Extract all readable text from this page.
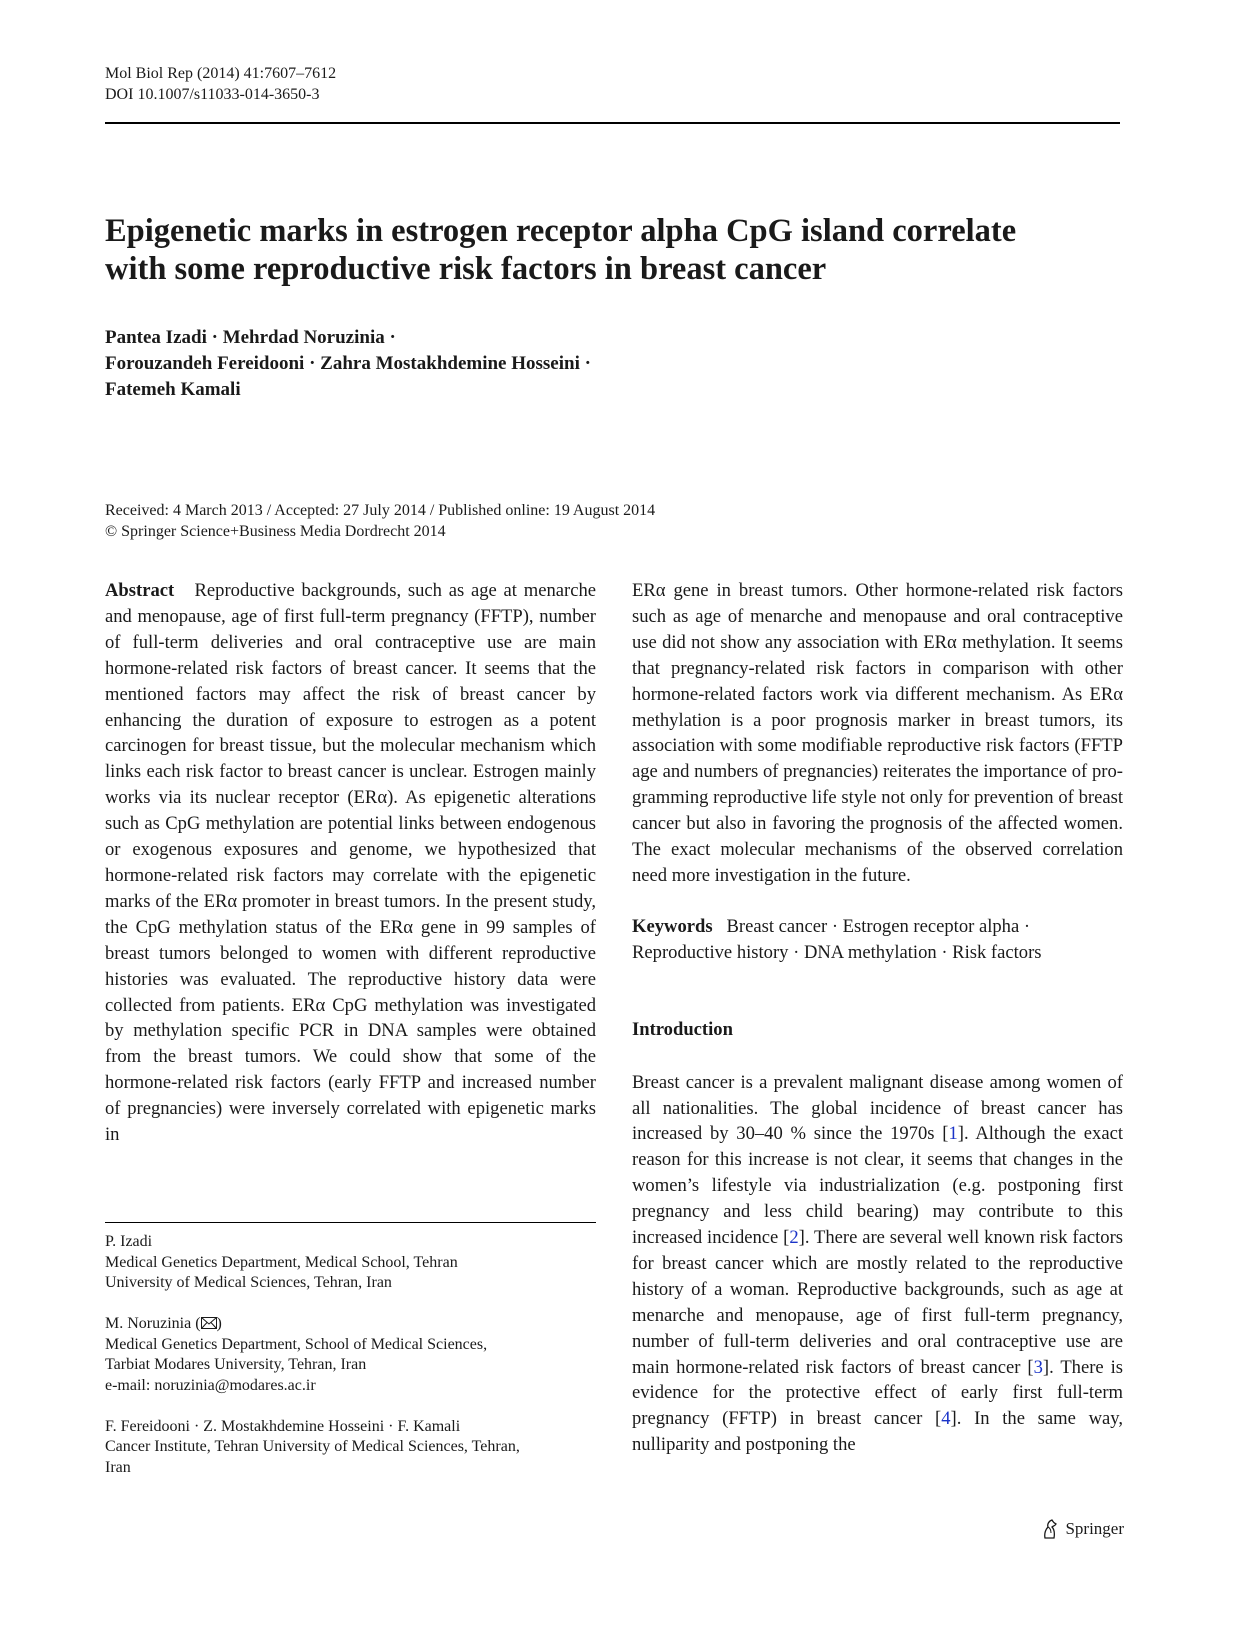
Mol Biol Rep (2014) 41:7607–7612
DOI 10.1007/s11033-014-3650-3
Epigenetic marks in estrogen receptor alpha CpG island correlate
with some reproductive risk factors in breast cancer
Pantea Izadi · Mehrdad Noruzinia ·
Forouzandeh Fereidooni · Zahra Mostakhdemine Hosseini ·
Fatemeh Kamali
Received: 4 March 2013 / Accepted: 27 July 2014 / Published online: 19 August 2014
© Springer Science+Business Media Dordrecht 2014

Abstract Reproductive backgrounds, such as age at menarche and menopause, age of first full-term pregnancy (FFTP), number of full-term deliveries and oral contraceptive use are main hormone-related risk factors of breast cancer. It seems that the mentioned factors may affect the risk of breast cancer by enhancing the duration of exposure to estrogen as a potent carcinogen for breast tissue, but the molecular mechanism which links each risk factor to breast cancer is unclear. Estrogen mainly works via its nuclear receptor (ERα). As epigenetic alterations such as CpG methylation are potential links between endogenous or exogenous exposures and genome, we hypothesized that hormone-related risk factors may correlate with the epigenetic marks of the ERα promoter in breast tumors. In the present study, the CpG methylation status of the ERα gene in 99 samples of breast tumors belonged to women with different reproductive histories was evaluated. The reproductive history data were collected from patients. ERα CpG methylation was investigated by methylation specific PCR in DNA samples were obtained from the breast tumors. We could show that some of the hormone-related risk factors (early FFTP and increased number of pregnancies) were inversely correlated with epigenetic marks in

ERα gene in breast tumors. Other hormone-related risk factors such as age of menarche and menopause and oral contraceptive use did not show any association with ERα methylation. It seems that pregnancy-related risk factors in comparison with other hormone-related factors work via different mechanism. As ERα methylation is a poor prognosis marker in breast tumors, its association with some modifiable reproductive risk factors (FFTP age and numbers of pregnancies) reiterates the importance of programming reproductive life style not only for prevention of breast cancer but also in favoring the prognosis of the affected women. The exact molecular mechanisms of the observed correlation need more investigation in the future.

Keywords Breast cancer · Estrogen receptor alpha · Reproductive history · DNA methylation · Risk factors

Introduction

Breast cancer is a prevalent malignant disease among women of all nationalities. The global incidence of breast cancer has increased by 30–40 % since the 1970s [1]. Although the exact reason for this increase is not clear, it seems that changes in the women’s lifestyle via industrialization (e.g. postponing first pregnancy and less child bearing) may contribute to this increased incidence [2]. There are several well known risk factors for breast cancer which are mostly related to the reproductive history of a woman. Reproductive backgrounds, such as age at menarche and menopause, age of first full-term pregnancy, number of full-term deliveries and oral contraceptive use are main hormone-related risk factors of breast cancer [3]. There is evidence for the protective effect of early first full-term pregnancy (FFTP) in breast cancer [4]. In the same way, nulliparity and postponing the

P. Izadi
Medical Genetics Department, Medical School, Tehran
University of Medical Sciences, Tehran, Iran
M. Noruzinia ( )
Medical Genetics Department, School of Medical Sciences,
Tarbiat Modares University, Tehran, Iran
e-mail: noruzinia@modares.ac.ir
F. Fereidooni · Z. Mostakhdemine Hosseini · F. Kamali
Cancer Institute, Tehran University of Medical Sciences, Tehran,
Iran
Springer
